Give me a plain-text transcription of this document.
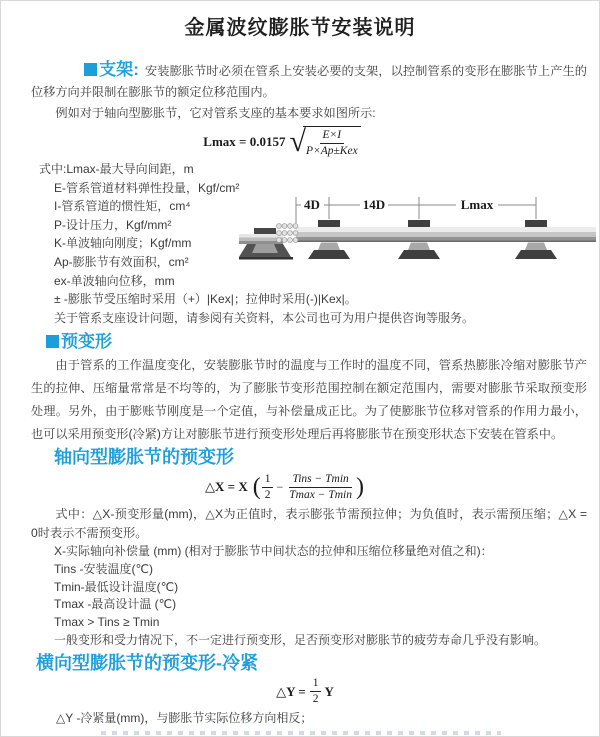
金属波纹膨胀节安装说明

支架: 安装膨胀节时必须在管系上安装必要的支架，以控制管系的变形在膨胀节上产生的位移方向并限制在膨胀节的额定位移范围内。

例如对于轴向型膨胀节，它对管系支座的基本要求如图所示:

Lmax = 0.0157 √
$\frac{E\times I}{\text{P×Ap±Kex}}$
式中:Lmax-最大导向间距，m
E-管系管道材料弹性投量，Kgf/cm²
I-管系管道的惯性矩，cm⁴
P-设计压力，Kgf/mm²
K-单波轴向刚度；Kgf/mm
Ap-膨胀节有效面积，cm²
ex-单波轴向位移，mm
± -膨胀节受压缩时采用（+）|Kex|；拉伸时采用(-)|Kex|。
关于管系支座设计问题，请参阅有关资料，本公司也可为用户提供咨询等服务。
4D	14D	Lmax
预变形

由于管系的工作温度变化，安装膨胀节时的温度与工作时的温度不同，管系热膨胀冷缩对膨胀节产生的拉伸、压缩量常常是不均等的，为了膨胀节变形范围控制在额定范围内，需要对膨胀节采取预变形处理。另外，由于膨账节刚度是一个定值，与补偿量成正比。为了使膨胀节位移对管系的作用力最小，也可以采用预变形(冷紧)方让对膨胀节进行预变形处理后再将膨胀节在预变形状态下安装在管系中。

轴向型膨胀节的预变形
△X = X ( $\frac{1}{2} - \frac{\text{Tins − Tmin}}{Tmax - Tmin}$ )

式中：△X-预变形量(mm)，△X为正值时，表示膨张节需预拉伸；为负值时，表示需预压缩；△X = 0时表示不需预变形。

X-实际轴向补偿量 (mm) (相对于膨胀节中间状态的拉伸和压缩位移量绝对值之和)：
Tins -安装温度(℃)
Tmin-最低设计温度(℃)
Tmax -最高设计温 (℃)
Tmax > Tins ≥ Tmin
一般变形和受力情况下，不一定进行预变形，足否预变形对膨胀节的疲劳寿命几乎没有影响。
横向型膨胀节的预变形-冷紧
△Y = $\frac{1}{2}$ Y
△Y -冷紧量(mm)，与膨胀节实际位移方向相反；
